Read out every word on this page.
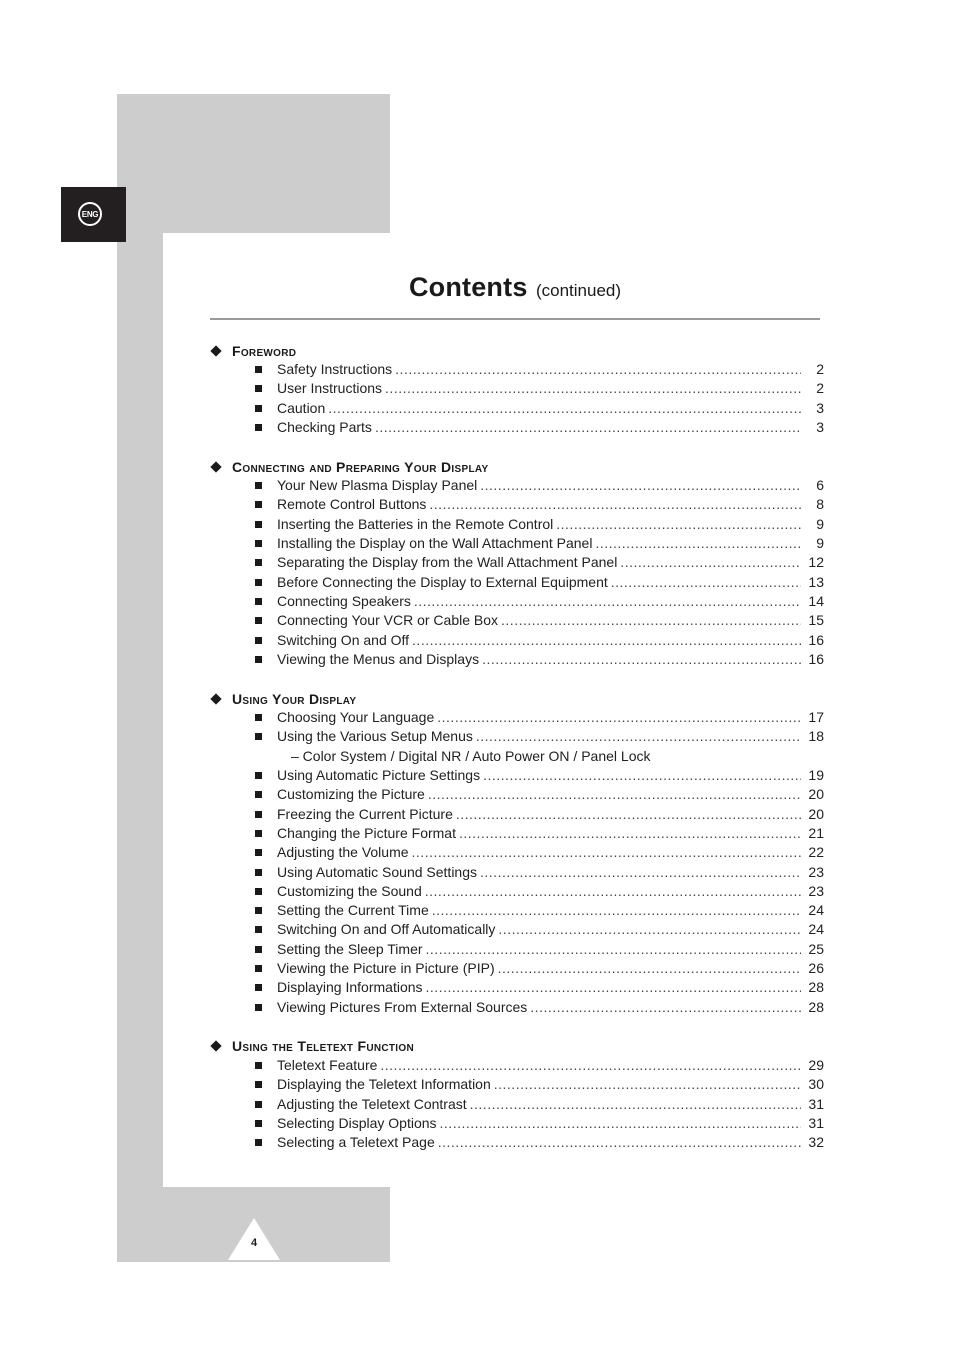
ENG
Contents (continued)
Foreword
Safety Instructions .....	2
User Instructions .....	2
Caution .....	3
Checking Parts .....	3
Connecting and Preparing Your Display
Your New Plasma Display Panel .....	6
Remote Control Buttons .....	8
Inserting the Batteries in the Remote Control .....	9
Installing the Display on the Wall Attachment Panel .....	9
Separating the Display from the Wall Attachment Panel .....	12
Before Connecting the Display to External Equipment .....	13
Connecting Speakers .....	14
Connecting Your VCR or Cable Box .....	15
Switching On and Off .....	16
Viewing the Menus and Displays .....	16
Using Your Display
Choosing Your Language .....	17
Using the Various Setup Menus .....	18
– Color System / Digital NR / Auto Power ON / Panel Lock
Using Automatic Picture Settings .....	19
Customizing the Picture .....	20
Freezing the Current Picture .....	20
Changing the Picture Format .....	21
Adjusting the Volume .....	22
Using Automatic Sound Settings .....	23
Customizing the Sound .....	23
Setting the Current Time .....	24
Switching On and Off Automatically .....	24
Setting the Sleep Timer .....	25
Viewing the Picture in Picture (PIP) .....	26
Displaying Informations .....	28
Viewing Pictures From External Sources .....	28
Using the Teletext Function
Teletext Feature .....	29
Displaying the Teletext Information .....	30
Adjusting the Teletext Contrast .....	31
Selecting Display Options .....	31
Selecting a Teletext Page .....	32
4
